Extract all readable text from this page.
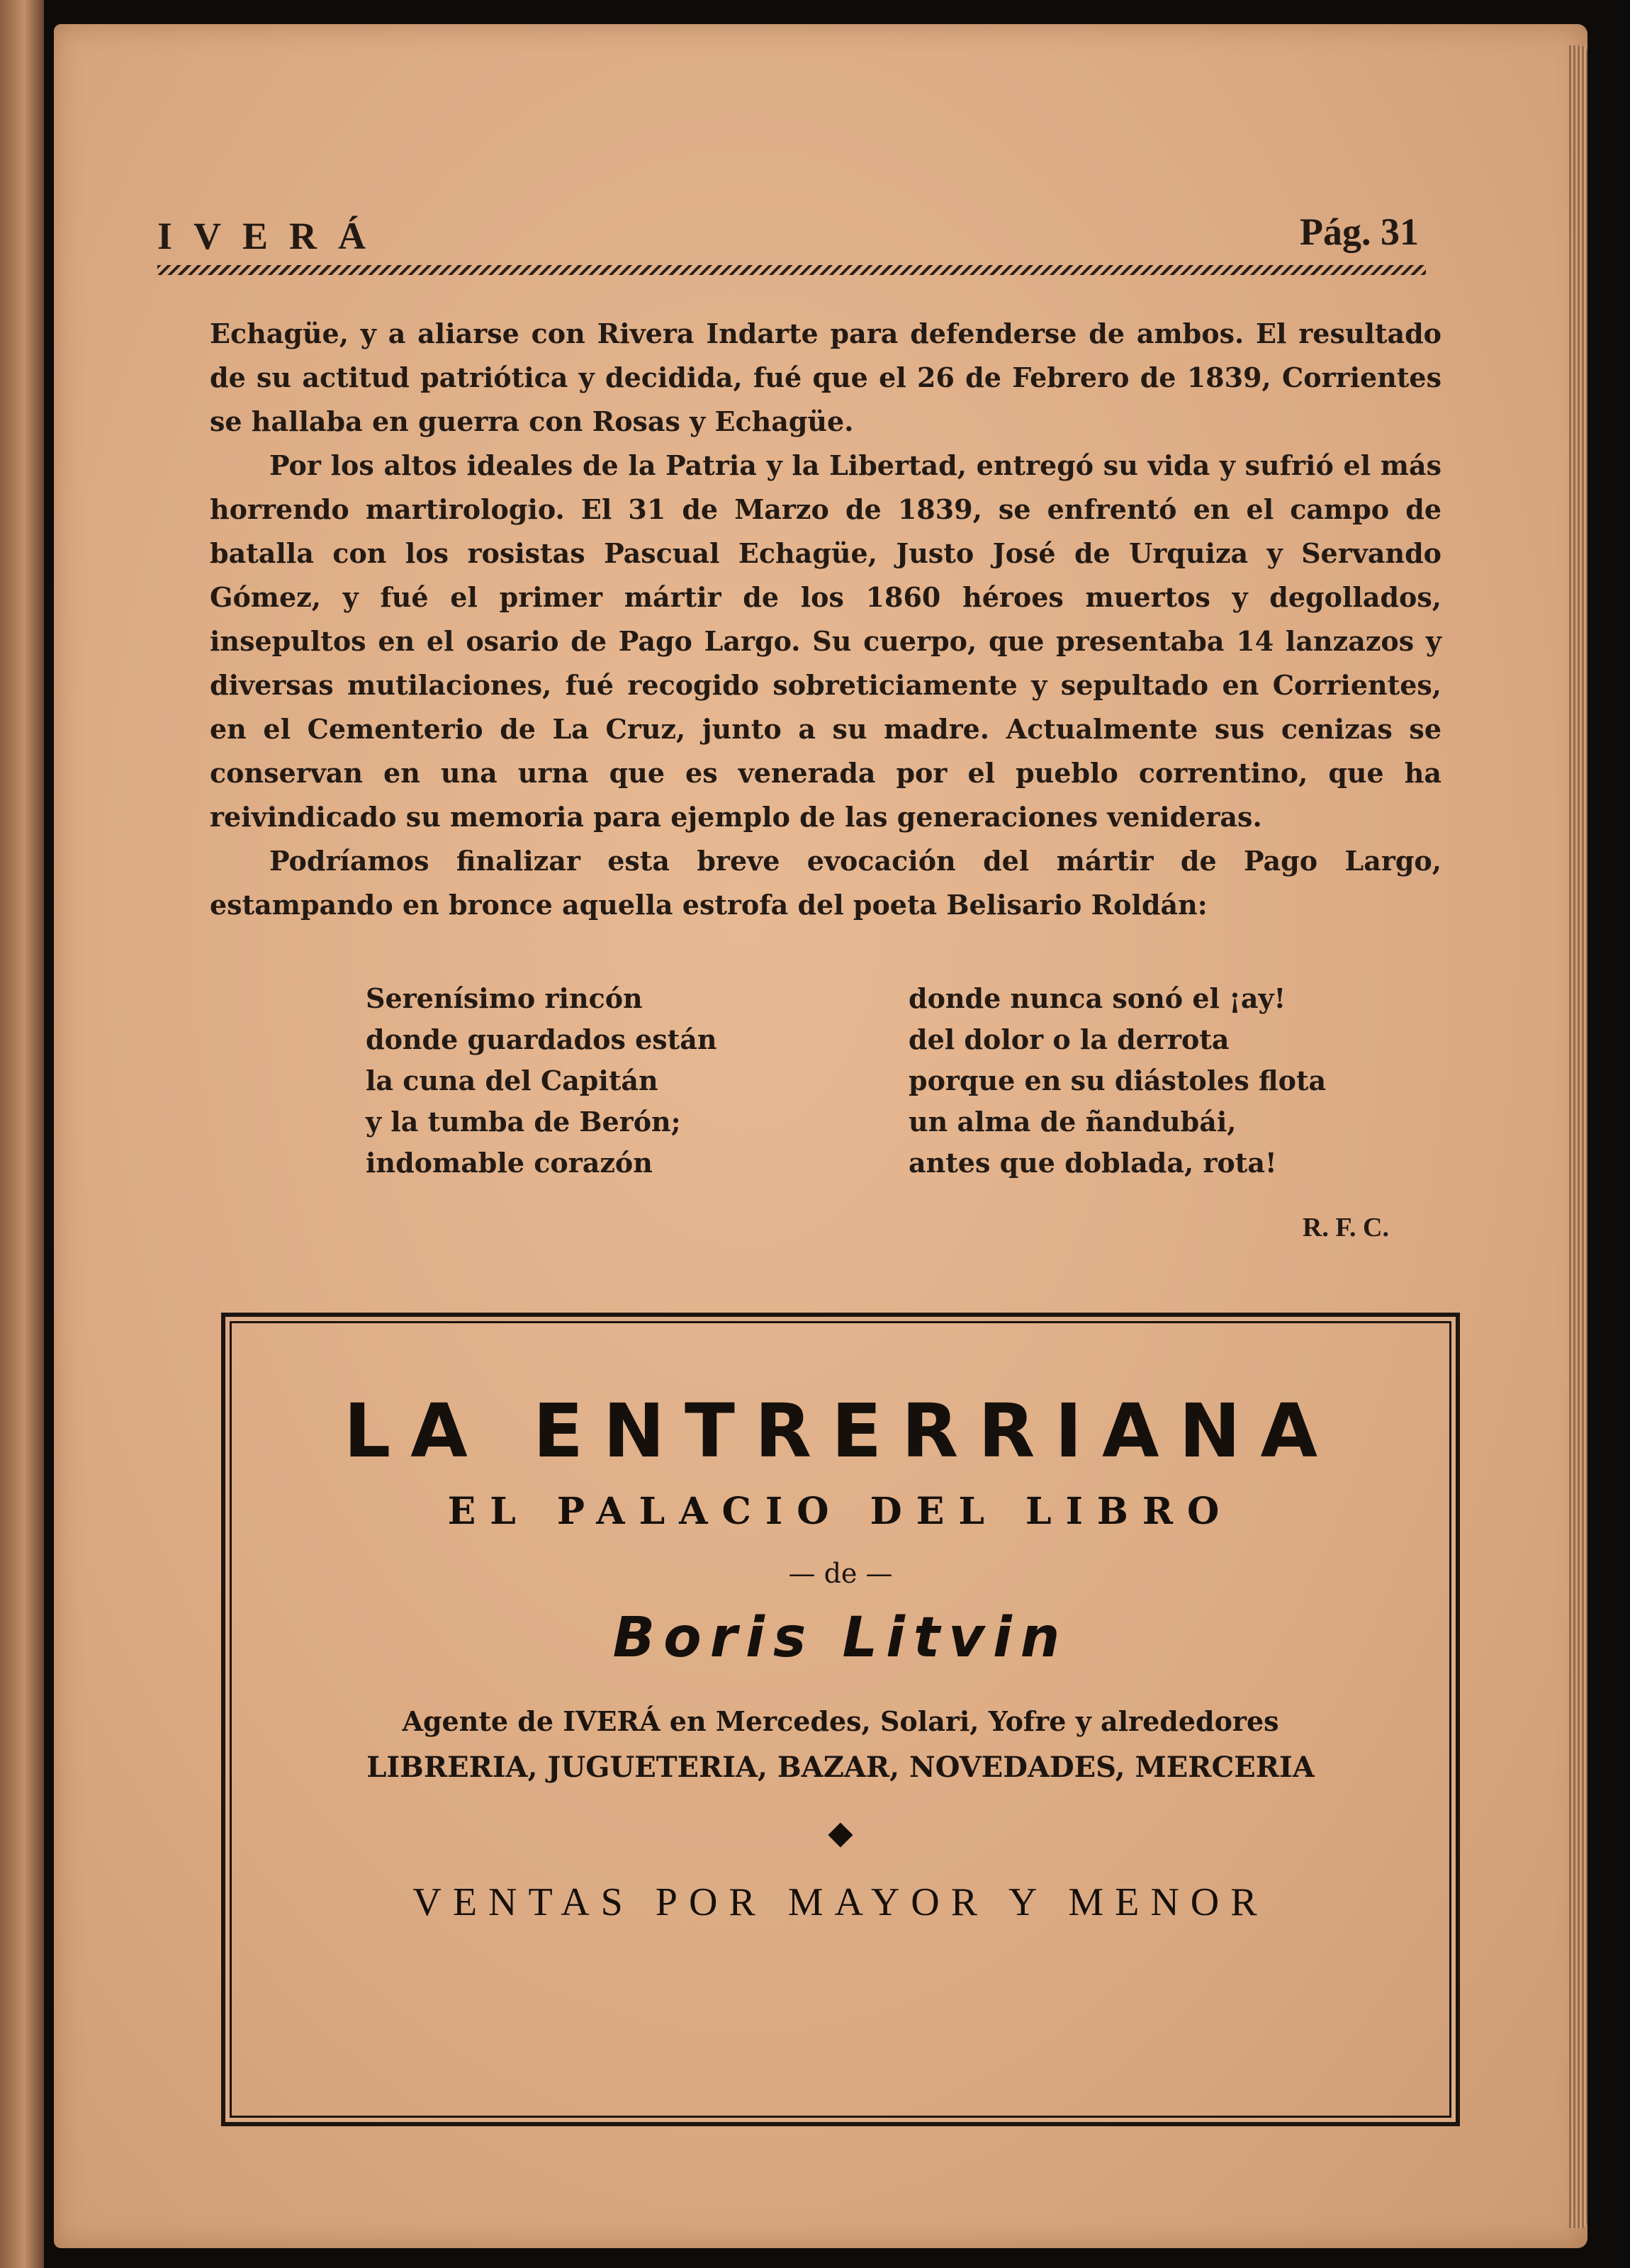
IVERÁ	Pág. 31

Echagüe, y a aliarse con Rivera Indarte para defenderse de ambos. El resultado de su actitud patriótica y decidida, fué que el 26 de Febrero de 1839, Corrientes se hallaba en guerra con Rosas y Echagüe.

Por los altos ideales de la Patria y la Libertad, entregó su vida y sufrió el más horrendo martirologio. El 31 de Marzo de 1839, se enfrentó en el campo de batalla con los rosistas Pascual Echagüe, Justo José de Urquiza y Servando Gómez, y fué el primer mártir de los 1860 héroes muertos y degollados, insepultos en el osario de Pago Largo. Su cuerpo, que presentaba 14 lanzazos y diversas mutilaciones, fué recogido sobreticiamente y sepultado en Corrientes, en el Cementerio de La Cruz, junto a su madre. Actualmente sus cenizas se conservan en una urna que es venerada por el pueblo correntino, que ha reivindicado su memoria para ejemplo de las generaciones venideras.

Podríamos finalizar esta breve evocación del mártir de Pago Largo, estampando en bronce aquella estrofa del poeta Belisario Roldán:

Serenísimo rincón
donde guardados están
la cuna del Capitán
y la tumba de Berón;
indomable corazón
donde nunca sonó el ¡ay!
del dolor o la derrota
porque en su diástoles flota
un alma de ñandubái,
antes que doblada, rota!
R. F. C.
LA ENTRERRIANA
EL PALACIO DEL LIBRO
— de —
Boris Litvin
Agente de IVERÁ en Mercedes, Solari, Yofre y alrededores
LIBRERIA, JUGUETERIA, BAZAR, NOVEDADES, MERCERIA
◆
VENTAS POR MAYOR Y MENOR
